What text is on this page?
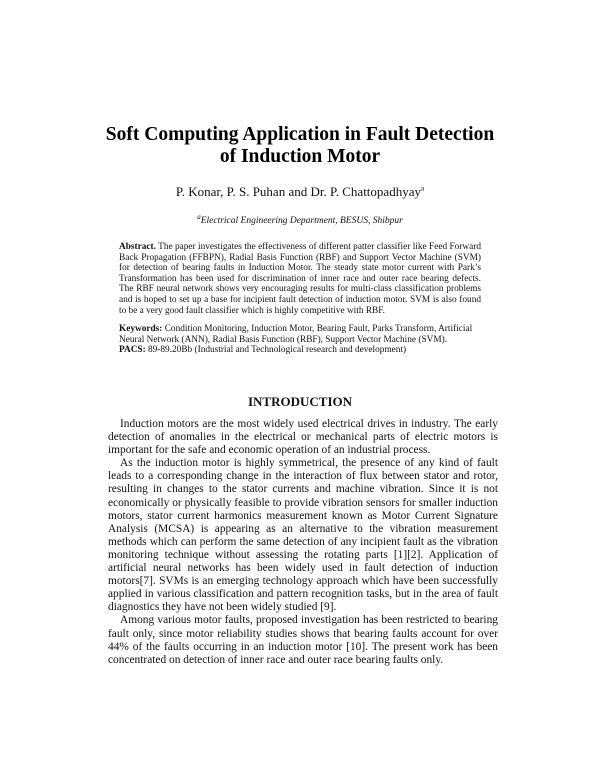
Soft Computing Application in Fault Detection
of Induction Motor
P. Konar, P. S. Puhan and Dr. P. Chattopadhyay$^a$
$^a$Electrical Engineering Department, BESUS, Shibpur
Abstract. The paper investigates the effectiveness of different patter classifier like Feed Forward Back Propagation (FFBPN), Radial Basis Function (RBF) and Support Vector Machine (SVM) for detection of bearing faults in Induction Motor. The steady state motor current with Park’s Transformation has been used for discrimination of inner race and outer race bearing defects. The RBF neural network shows very encouraging results for multi-class classification problems and is hoped to set up a base for incipient fault detection of induction motor. SVM is also found to be a very good fault classifier which is highly competitive with RBF.
Keywords: Condition Monitoring, Induction Motor, Bearing Fault, Parks Transform, Artificial Neural Network (ANN), Radial Basis Function (RBF), Support Vector Machine (SVM).
PACS: 89-89.20Bb (Industrial and Technological research and development)
INTRODUCTION

Induction motors are the most widely used electrical drives in industry. The early detection of anomalies in the electrical or mechanical parts of electric motors is important for the safe and economic operation of an industrial process.

As the induction motor is highly symmetrical, the presence of any kind of fault leads to a corresponding change in the interaction of flux between stator and rotor, resulting in changes to the stator currents and machine vibration. Since it is not economically or physically feasible to provide vibration sensors for smaller induction motors, stator current harmonics measurement known as Motor Current Signature Analysis (MCSA) is appearing as an alternative to the vibration measurement methods which can perform the same detection of any incipient fault as the vibration monitoring technique without assessing the rotating parts [1][2]. Application of artificial neural networks has been widely used in fault detection of induction motors[7]. SVMs is an emerging technology approach which have been successfully applied in various classification and pattern recognition tasks, but in the area of fault diagnostics they have not been widely studied [9].

Among various motor faults, proposed investigation has been restricted to bearing fault only, since motor reliability studies shows that bearing faults account for over 44% of the faults occurring in an induction motor [10]. The present work has been concentrated on detection of inner race and outer race bearing faults only.
